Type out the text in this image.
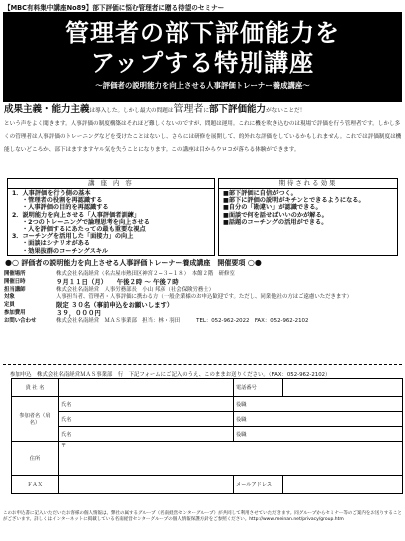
【MBC有料集中講座No89】部下評価に悩む管理者に贈る待望のセミナー
管理者の部下評価能力を
アップする特別講座
～評価者の説明能力を向上させる人事評価トレーナー養成講座～
成果主義・能力主義は導入した。しかし最大の問題は管理者に部下評価能力がないことだ！
という声をよく聞きます。人事評価の制度構築はそれほど難しくないのですが、問題は運用。これに機を吹き込むのは現場で評価を行う管理者です。しかし多くの管理者は人事評価のトレーニングなどを受けたことはないし、さらには研修を展開して、的外れな評価をしているかもしれません。これでは評価制度は機能しないどころか、部下はますますヤル気を失うことになります。この講座は目からウロコが落ちる体験ができます。
講 座 内 容
1．人事評価を行う側の基本
・管理者の役割を再認識する
・人事評価の目的を再認識する
2．説明能力を向上させる「人事評価者訓練」
・2つのトレーニングで論理思考を向上させる
・人を評価するにあたっての最も重要な視点
3．コーチングを活用した「面接力」の向上
・面談はシナリオがある
・効果抜群のコーチングスキル
期待される効果
■部下評価に自信がつく。
■部下に評価の説明がキチンとできるようになる。
■自分の「勘違い」が認識できる。
■面談で何を話せばいいのかが解る。
■話題のコーチングの活用ができる。
●○ 評価者の説明能力を向上させる人事評価トレーナー養成講座　開催要項 ○●
開催場所	株式会社名南経営（名古屋市熱田区神宮２−３−１８）　本館２階　研修室
開催日時	９月１１日（月）　　午後２時 〜 午後７時
担当講師	株式会社名南経営　人事労務部長　小山 邦彦（社会保険労務士）
対象	人事担当者、管理者・人事評価に携わる方（一般企業様のお申込歓迎です。ただし、同業他社の方はご遠慮いただきます）
定員	限定 ３０名（事前申込をお願いします）
参加費用	３９，０００円
お問い合わせ	株式会社名南経営　ＭＡＳ事業部　担当：林・羽田　　　TEL：052-962-2022　FAX：052-962-2102
参加申込　株式会社名南経営ＭＡＳ事業部　行　下記フォームにご記入のうえ、このままお送りください。（FAX：052-962-2102）
貴 社 名		電話番号	
参加者名（肩　名）	氏名	役職	
	氏名	役職	
	氏名	役職	
住所	〒		
ＦＡＸ		メールアドレス	
このお申込書に記入いただいたお客様の個人情報は、弊社の属するグループ（名南経営センターグループ）が共同して利用させていただきます。同グループからセミナー等のご案内をお送りすることがございます。詳しくはインターネットに掲載している名南経営センターグループの個人情報保護方針をご参照ください。http://www.meinan.net/privacy/group.htm
